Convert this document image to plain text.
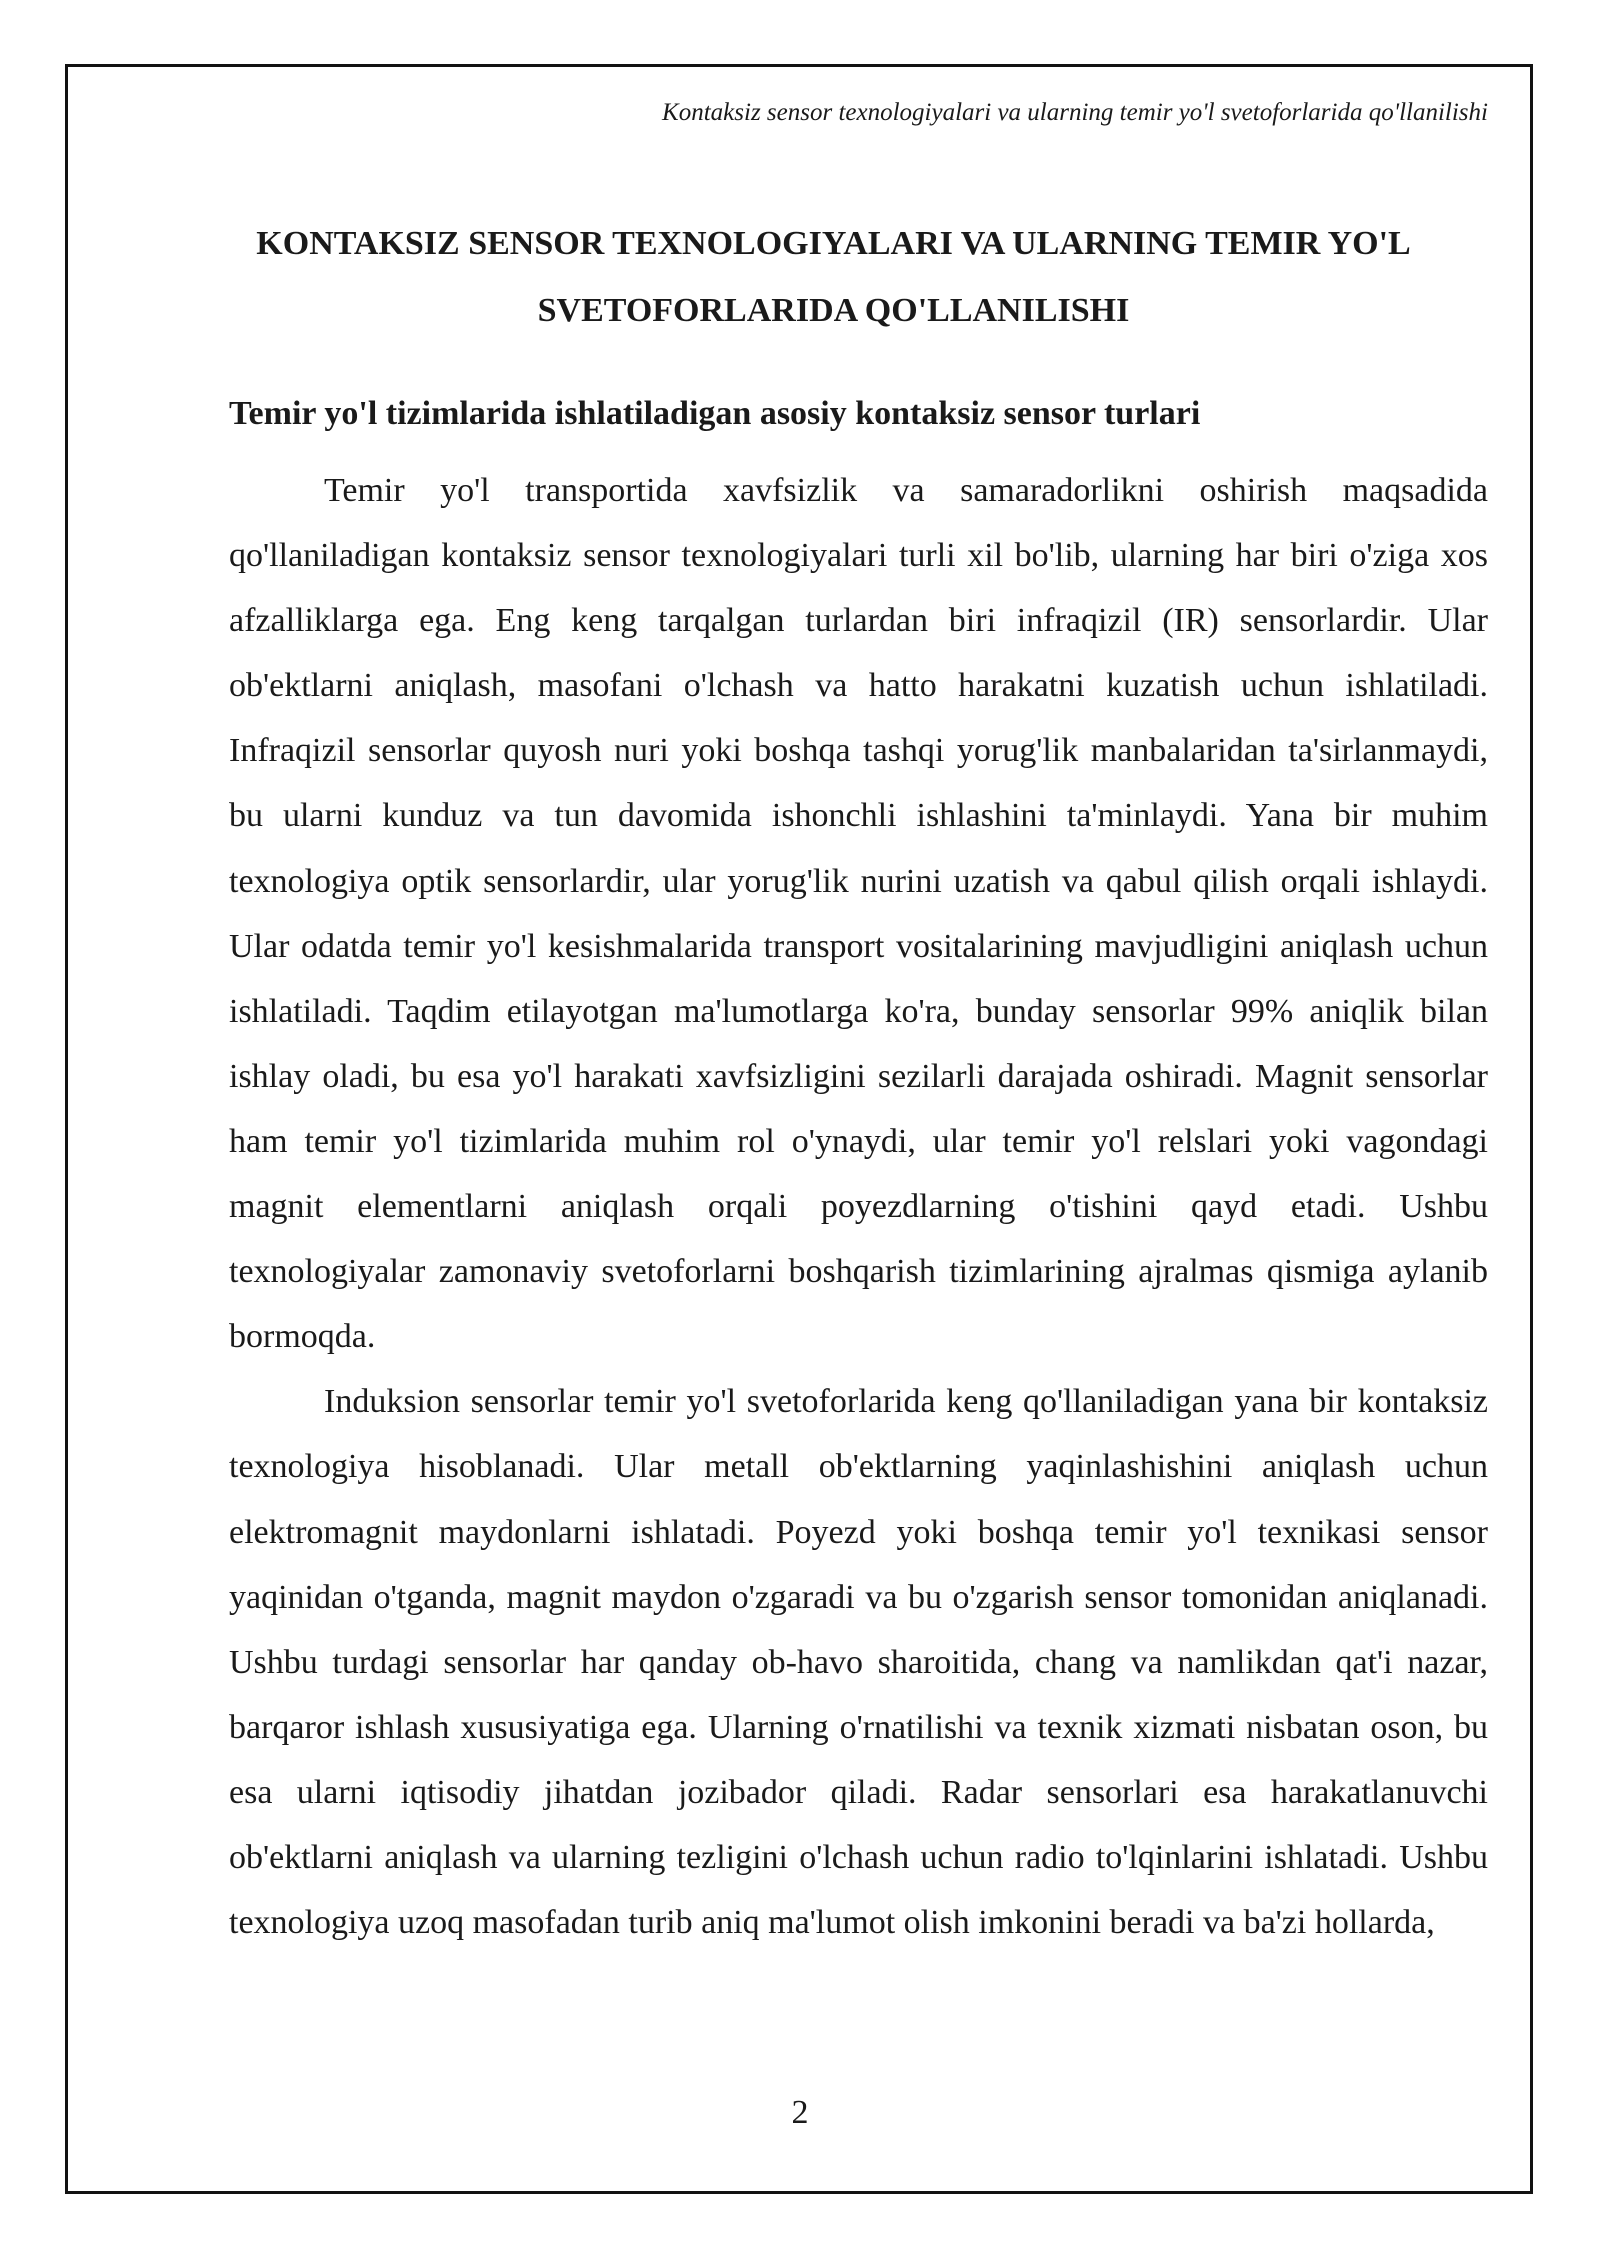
Kontaksiz sensor texnologiyalari va ularning temir yo'l svetoforlarida qo'llanilishi
KONTAKSIZ SENSOR TEXNOLOGIYALARI VA ULARNING TEMIR YO'L SVETOFORLARIDA QO'LLANILISHI
Temir yo'l tizimlarida ishlatiladigan asosiy kontaksiz sensor turlari

Temir yo'l transportida xavfsizlik va samaradorlikni oshirish maqsadida qo'llaniladigan kontaksiz sensor texnologiyalari turli xil bo'lib, ularning har biri o'ziga xos afzalliklarga ega. Eng keng tarqalgan turlardan biri infraqizil (IR) sensorlardir. Ular ob'ektlarni aniqlash, masofani o'lchash va hatto harakatni kuzatish uchun ishlatiladi. Infraqizil sensorlar quyosh nuri yoki boshqa tashqi yorug'lik manbalaridan ta'sirlanmaydi, bu ularni kunduz va tun davomida ishonchli ishlashini ta'minlaydi. Yana bir muhim texnologiya optik sensorlardir, ular yorug'lik nurini uzatish va qabul qilish orqali ishlaydi. Ular odatda temir yo'l kesishmalarida transport vositalarining mavjudligini aniqlash uchun ishlatiladi. Taqdim etilayotgan ma'lumotlarga ko'ra, bunday sensorlar 99% aniqlik bilan ishlay oladi, bu esa yo'l harakati xavfsizligini sezilarli darajada oshiradi. Magnit sensorlar ham temir yo'l tizimlarida muhim rol o'ynaydi, ular temir yo'l relslari yoki vagondagi magnit elementlarni aniqlash orqali poyezdlarning o'tishini qayd etadi. Ushbu texnologiyalar zamonaviy svetoforlarni boshqarish tizimlarining ajralmas qismiga aylanib bormoqda.

Induksion sensorlar temir yo'l svetoforlarida keng qo'llaniladigan yana bir kontaksiz texnologiya hisoblanadi. Ular metall ob'ektlarning yaqinlashishini aniqlash uchun elektromagnit maydonlarni ishlatadi. Poyezd yoki boshqa temir yo'l texnikasi sensor yaqinidan o'tganda, magnit maydon o'zgaradi va bu o'zgarish sensor tomonidan aniqlanadi. Ushbu turdagi sensorlar har qanday ob-havo sharoitida, chang va namlikdan qat'i nazar, barqaror ishlash xususiyatiga ega. Ularning o'rnatilishi va texnik xizmati nisbatan oson, bu esa ularni iqtisodiy jihatdan jozibador qiladi. Radar sensorlari esa harakatlanuvchi ob'ektlarni aniqlash va ularning tezligini o'lchash uchun radio to'lqinlarini ishlatadi. Ushbu texnologiya uzoq masofadan turib aniq ma'lumot olish imkonini beradi va ba'zi hollarda,

2
